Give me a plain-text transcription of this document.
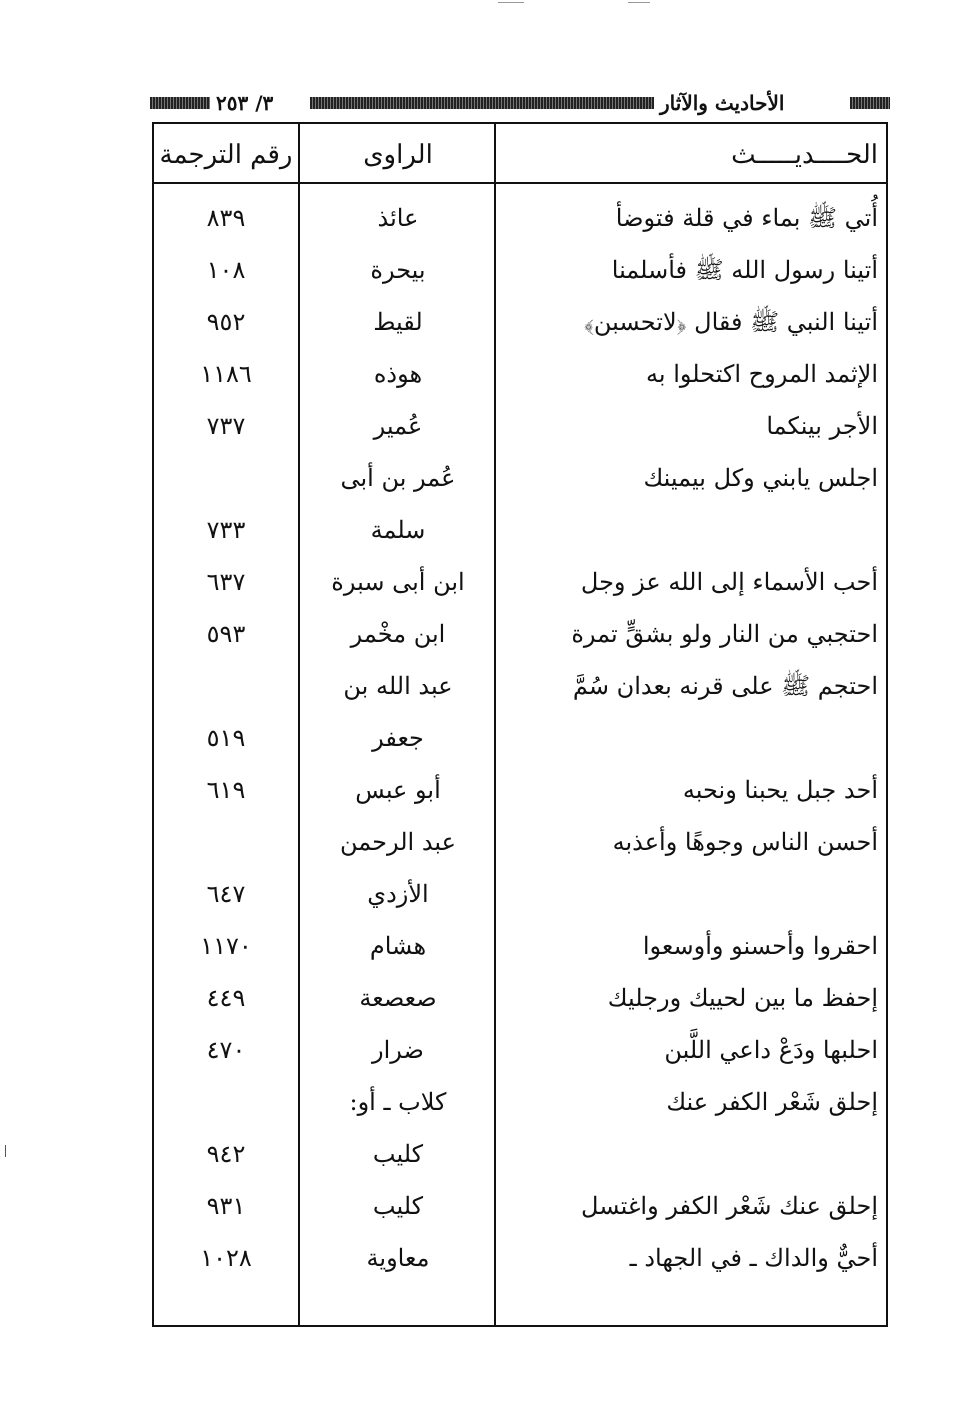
٣/ ٢٥٣	الأحاديث والآثار
الحــــديـــــث
الراوى
رقم الترجمة
أُتي ﷺ بماء في قلة فتوضأ
عائذ
٨٣٩
أتينا رسول الله ﷺ فأسلمنا
بيحرة
١٠٨
أتينا النبي ﷺ فقال ﴿لاتحسبن﴾
لقيط
٩٥٢
الإثمد المروح اكتحلوا به
هوذه
١١٨٦
الأجر بينكما
عُمير
٧٣٧
اجلس يابني وكل بيمينك
عُمر بن أبى
سلمة
٧٣٣
أحب الأسماء إلى الله عز وجل
ابن أبى سبرة
٦٣٧
احتجبي من النار ولو بشقٍّ تمرة
ابن مخْمر
٥٩٣
احتجم ﷺ على قرنه بعدان سُمَّ
عبد الله بن
جعفر
٥١٩
أحد جبل يحبنا ونحبه
أبو عبس
٦١٩
أحسن الناس وجوهًا وأعذبه
عبد الرحمن
الأزدي
٦٤٧
احقروا وأحسنو وأوسعوا
هشام
١١٧٠
إحفظ ما بين لحييك ورجليك
صعصعة
٤٤٩
احلبها ودَعْ داعي اللَّبن
ضرار
٤٧٠
إحلق شَعْر الكفر عنك
كلاب ـ أو:
كليب
٩٤٢
إحلق عنك شَعْر الكفر واغتسل
كليب
٩٣١
أحيٌّ والداك ـ في الجهاد ـ
معاوية
١٠٢٨
